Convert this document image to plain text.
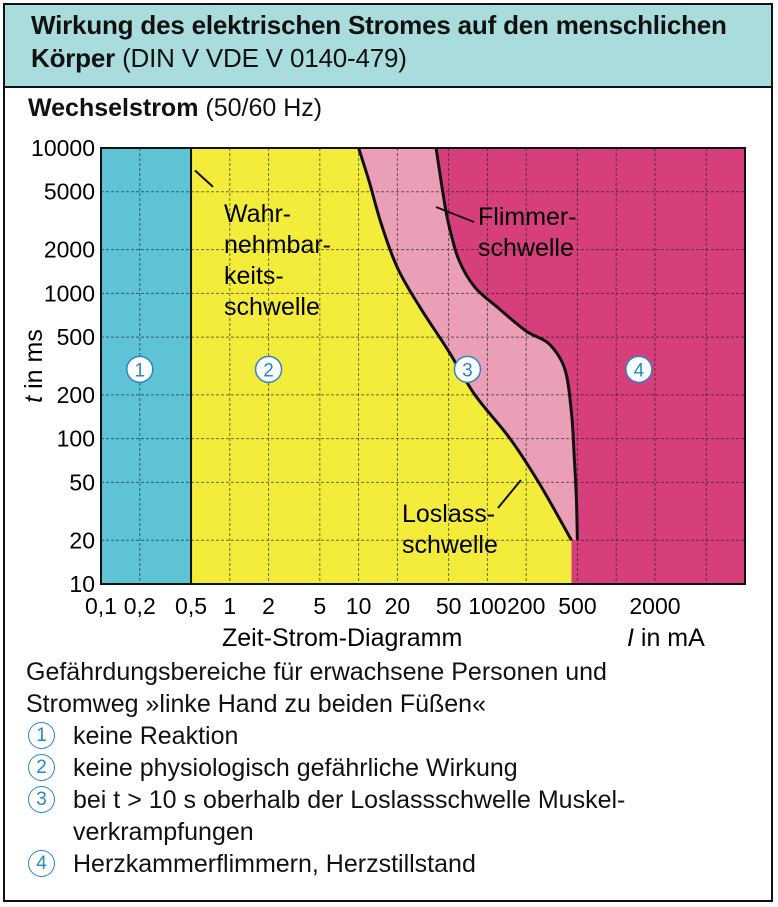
Wirkung des elektrischen Stromes auf den menschlichen Körper (DIN V VDE V 0140-479)
Wechselstrom (50/60 Hz)
10
20
50
100
200
500
1000
2000
5000
10000
0,1 0,2 0,5 1 2 5 10 20 50 100 200 500 2000
t in ms
Zeit-Strom-Diagramm	I in mA
1	2	3	4
Wahr-
nehmbar-
keits-
schwelle
Flimmer-
schwelle
Loslass-
schwelle
Gefährdungsbereiche für erwachsene Personen und
Stromweg »linke Hand zu beiden Füßen«
1	keine Reaktion
2	keine physiologisch gefährliche Wirkung
3	bei t > 10 s oberhalb der Loslassschwelle Muskel-verkrampfungen
4	Herzkammerflimmern, Herzstillstand
